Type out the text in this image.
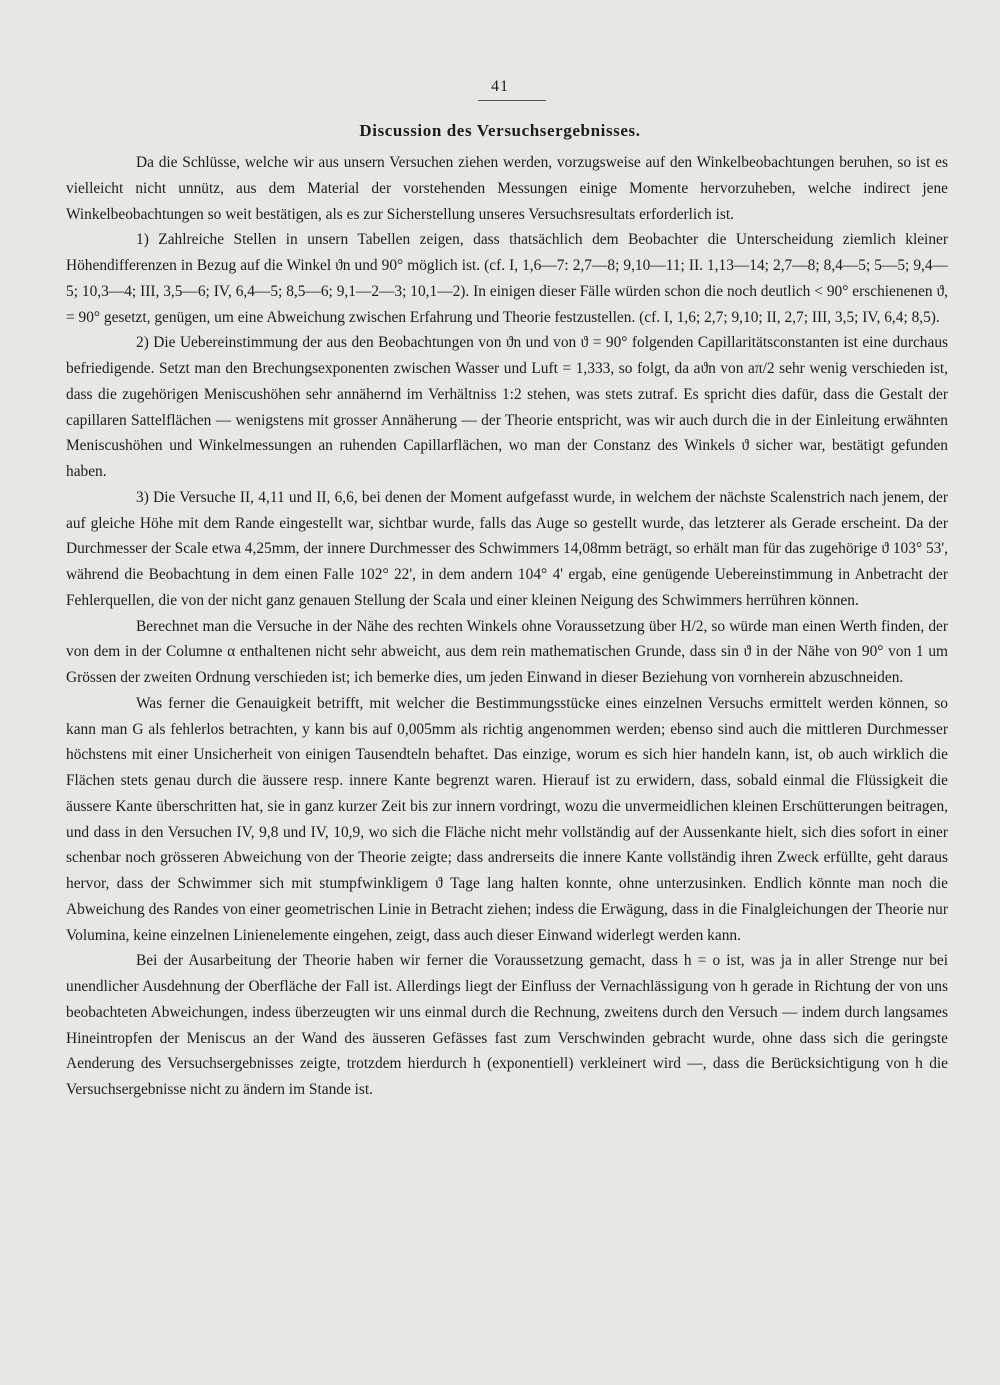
41
Discussion des Versuchsergebnisses.

Da die Schlüsse, welche wir aus unsern Versuchen ziehen werden, vorzugsweise auf den Winkelbeobachtungen beruhen, so ist es vielleicht nicht unnütz, aus dem Material der vorstehenden Messungen einige Momente hervorzuheben, welche indirect jene Winkelbeobachtungen so weit bestätigen, als es zur Sicherstellung unseres Versuchsresultats erforderlich ist.

1) Zahlreiche Stellen in unsern Tabellen zeigen, dass thatsächlich dem Beobachter die Unterscheidung ziemlich kleiner Höhendifferenzen in Bezug auf die Winkel ϑn und 90° möglich ist. (cf. I, 1,6—7: 2,7—8; 9,10—11; II. 1,13—14; 2,7—8; 8,4—5; 5—5; 9,4—5; 10,3—4; III, 3,5—6; IV, 6,4—5; 8,5—6; 9,1—2—3; 10,1—2). In einigen dieser Fälle würden schon die noch deutlich < 90° erschienenen ϑ, = 90° gesetzt, genügen, um eine Abweichung zwischen Erfahrung und Theorie festzustellen. (cf. I, 1,6; 2,7; 9,10; II, 2,7; III, 3,5; IV, 6,4; 8,5).

2) Die Uebereinstimmung der aus den Beobachtungen von ϑn und von ϑ = 90° folgenden Capillaritätsconstanten ist eine durchaus befriedigende. Setzt man den Brechungsexponenten zwischen Wasser und Luft = 1,333, so folgt, da aϑn von aπ/2 sehr wenig verschieden ist, dass die zugehörigen Meniscushöhen sehr annähernd im Verhältniss 1:2 stehen, was stets zutraf. Es spricht dies dafür, dass die Gestalt der capillaren Sattelflächen — wenigstens mit grosser Annäherung — der Theorie entspricht, was wir auch durch die in der Einleitung erwähnten Meniscushöhen und Winkelmessungen an ruhenden Capillarflächen, wo man der Constanz des Winkels ϑ sicher war, bestätigt gefunden haben.

3) Die Versuche II, 4,11 und II, 6,6, bei denen der Moment aufgefasst wurde, in welchem der nächste Scalenstrich nach jenem, der auf gleiche Höhe mit dem Rande eingestellt war, sichtbar wurde, falls das Auge so gestellt wurde, das letzterer als Gerade erscheint. Da der Durchmesser der Scale etwa 4,25mm, der innere Durchmesser des Schwimmers 14,08mm beträgt, so erhält man für das zugehörige ϑ 103° 53', während die Beobachtung in dem einen Falle 102° 22', in dem andern 104° 4' ergab, eine genügende Uebereinstimmung in Anbetracht der Fehlerquellen, die von der nicht ganz genauen Stellung der Scala und einer kleinen Neigung des Schwimmers herrühren können.

Berechnet man die Versuche in der Nähe des rechten Winkels ohne Voraussetzung über H/2, so würde man einen Werth finden, der von dem in der Columne α enthaltenen nicht sehr abweicht, aus dem rein mathematischen Grunde, dass sin ϑ in der Nähe von 90° von 1 um Grössen der zweiten Ordnung verschieden ist; ich bemerke dies, um jeden Einwand in dieser Beziehung von vornherein abzuschneiden.

Was ferner die Genauigkeit betrifft, mit welcher die Bestimmungsstücke eines einzelnen Versuchs ermittelt werden können, so kann man G als fehlerlos betrachten, y kann bis auf 0,005mm als richtig angenommen werden; ebenso sind auch die mittleren Durchmesser höchstens mit einer Unsicherheit von einigen Tausendteln behaftet. Das einzige, worum es sich hier handeln kann, ist, ob auch wirklich die Flächen stets genau durch die äussere resp. innere Kante begrenzt waren. Hierauf ist zu erwidern, dass, sobald einmal die Flüssigkeit die äussere Kante überschritten hat, sie in ganz kurzer Zeit bis zur innern vordringt, wozu die unvermeidlichen kleinen Erschütterungen beitragen, und dass in den Versuchen IV, 9,8 und IV, 10,9, wo sich die Fläche nicht mehr vollständig auf der Aussenkante hielt, sich dies sofort in einer schenbar noch grösseren Abweichung von der Theorie zeigte; dass andrerseits die innere Kante vollständig ihren Zweck erfüllte, geht daraus hervor, dass der Schwimmer sich mit stumpfwinkligem ϑ Tage lang halten konnte, ohne unterzusinken. Endlich könnte man noch die Abweichung des Randes von einer geometrischen Linie in Betracht ziehen; indess die Erwägung, dass in die Finalgleichungen der Theorie nur Volumina, keine einzelnen Linienelemente eingehen, zeigt, dass auch dieser Einwand widerlegt werden kann.

Bei der Ausarbeitung der Theorie haben wir ferner die Voraussetzung gemacht, dass h = o ist, was ja in aller Strenge nur bei unendlicher Ausdehnung der Oberfläche der Fall ist. Allerdings liegt der Einfluss der Vernachlässigung von h gerade in Richtung der von uns beobachteten Abweichungen, indess überzeugten wir uns einmal durch die Rechnung, zweitens durch den Versuch — indem durch langsames Hineintropfen der Meniscus an der Wand des äusseren Gefässes fast zum Verschwinden gebracht wurde, ohne dass sich die geringste Aenderung des Versuchsergebnisses zeigte, trotzdem hierdurch h (exponentiell) verkleinert wird —, dass die Berücksichtigung von h die Versuchsergebnisse nicht zu ändern im Stande ist.
